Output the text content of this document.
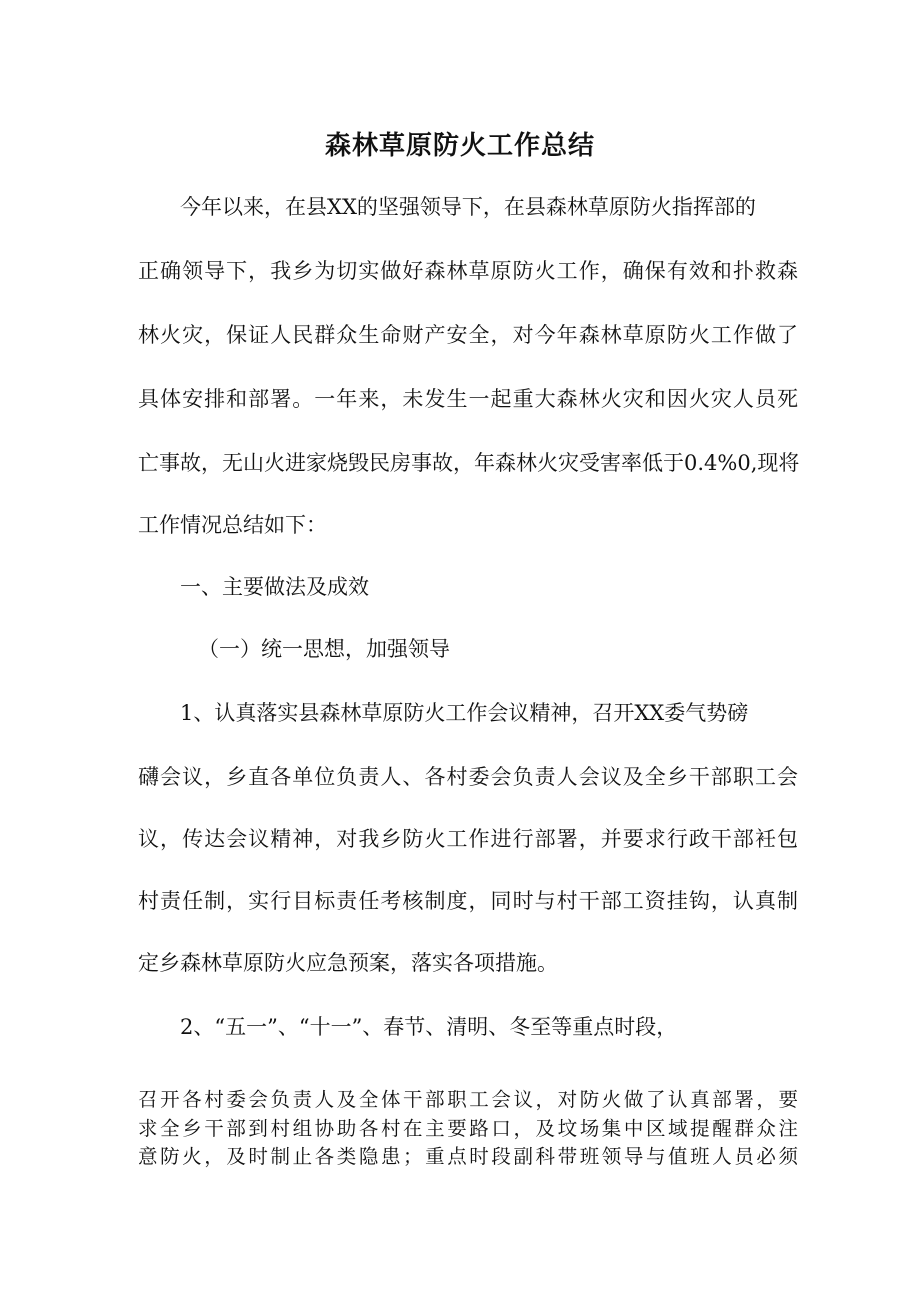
森林草原防火工作总结

今年以来，在县XX的坚强领导下，在县森林草原防火指挥部的

正确领导下，我乡为切实做好森林草原防火工作，确保有效和扑救森

林火灾，保证人民群众生命财产安全，对今年森林草原防火工作做了

具体安排和部署。一年来，未发生一起重大森林火灾和因火灾人员死

亡事故，无山火进家烧毁民房事故，年森林火灾受害率低于0.4%0,现将

工作情况总结如下：

一、主要做法及成效

（一）统一思想，加强领导

1、认真落实县森林草原防火工作会议精神，召开XX委气势磅

礴会议，乡直各单位负责人、各村委会负责人会议及全乡干部职工会

议，传达会议精神，对我乡防火工作进行部署，并要求行政干部衽包

村责任制，实行目标责任考核制度，同时与村干部工资挂钩，认真制

定乡森林草原防火应急预案，落实各项措施。

2、“五一”、“十一”、春节、清明、冬至等重点时段，

召开各村委会负责人及全体干部职工会议，对防火做了认真部署，要

求全乡干部到村组协助各村在主要路口，及坟场集中区域提醒群众注

意防火，及时制止各类隐患；重点时段副科带班领导与值班人员必须
